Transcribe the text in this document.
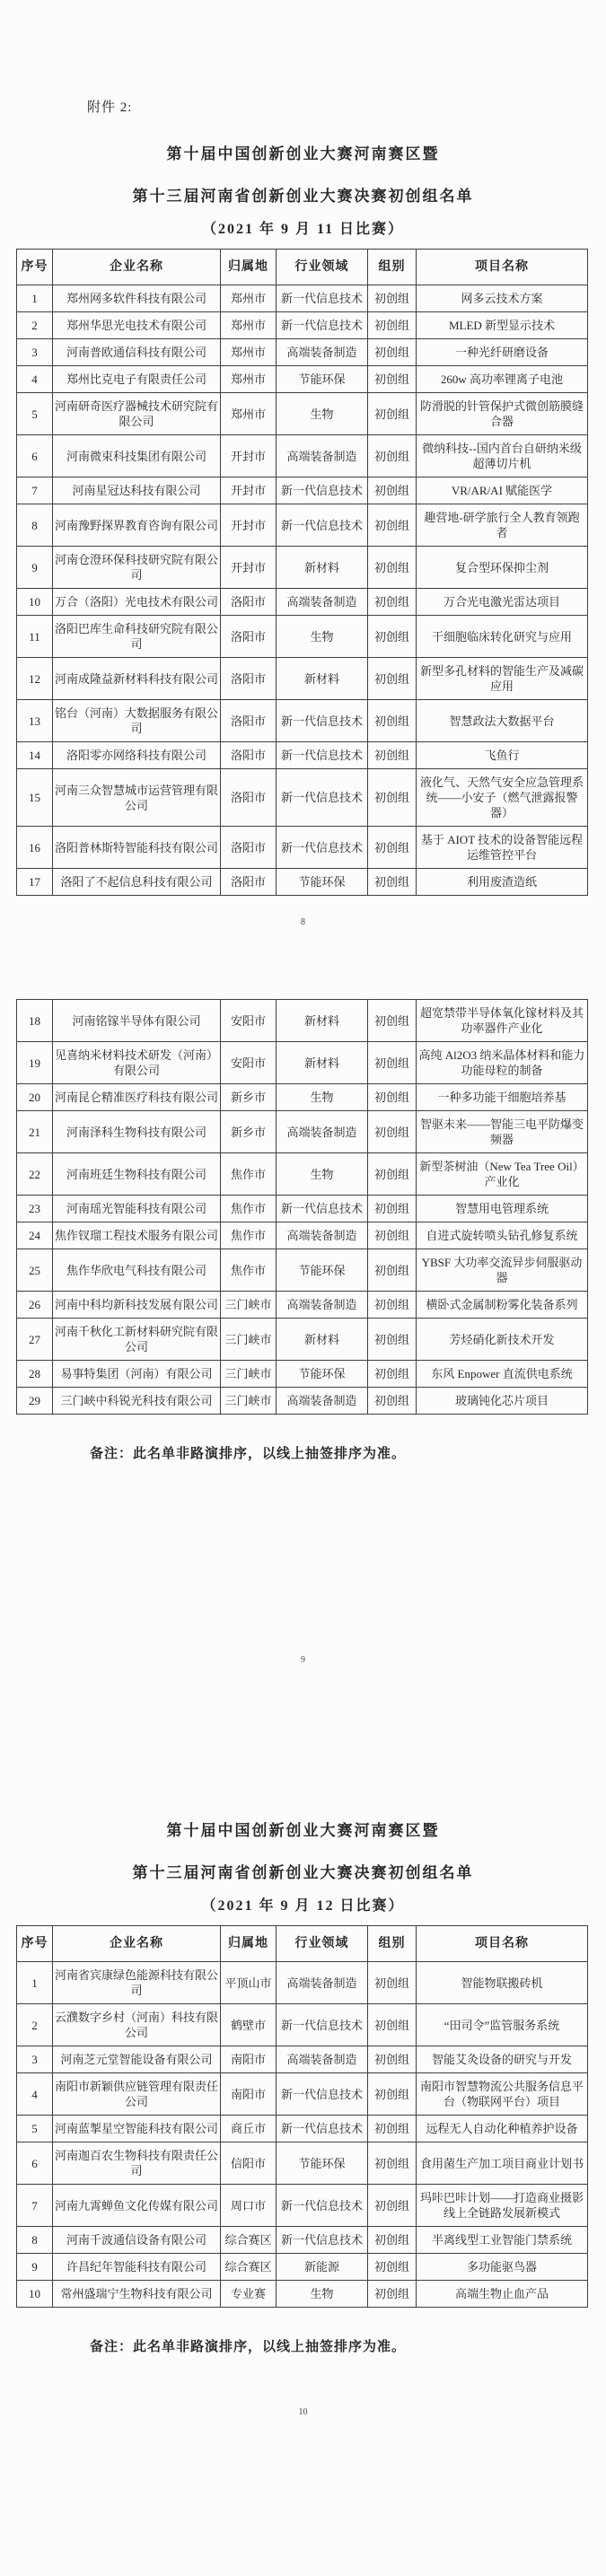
附件 2:
第十届中国创新创业大赛河南赛区暨
第十三届河南省创新创业大赛决赛初创组名单
（2021 年 9 月 11 日比赛）
序号	企业名称	归属地	行业领域	组别	项目名称
1	郑州网多软件科技有限公司	郑州市	新一代信息技术	初创组	网多云技术方案
2	郑州华思光电技术有限公司	郑州市	新一代信息技术	初创组	MLED 新型显示技术
3	河南普欧通信科技有限公司	郑州市	高端装备制造	初创组	一种光纤研磨设备
4	郑州比克电子有限责任公司	郑州市	节能环保	初创组	260w 高功率锂离子电池
5	河南研奇医疗器械技术研究院有限公司	郑州市	生物	初创组	防滑脱的针管保护式微创筋膜缝合器
6	河南微束科技集团有限公司	开封市	高端装备制造	初创组	微纳科技--国内首台自研纳米级超薄切片机
7	河南星冠达科技有限公司	开封市	新一代信息技术	初创组	VR/AR/AI 赋能医学
8	河南豫野探界教育咨询有限公司	开封市	新一代信息技术	初创组	趣营地-研学旅行全人教育领跑者
9	河南仓澄环保科技研究院有限公司	开封市	新材料	初创组	复合型环保抑尘剂
10	万合（洛阳）光电技术有限公司	洛阳市	高端装备制造	初创组	万合光电激光雷达项目
11	洛阳巴库生命科技研究院有限公司	洛阳市	生物	初创组	干细胞临床转化研究与应用
12	河南成隆益新材料科技有限公司	洛阳市	新材料	初创组	新型多孔材料的智能生产及减碳应用
13	铭台（河南）大数据服务有限公司	洛阳市	新一代信息技术	初创组	智慧政法大数据平台
14	洛阳零亦网络科技有限公司	洛阳市	新一代信息技术	初创组	飞鱼行
15	河南三众智慧城市运营管理有限公司	洛阳市	新一代信息技术	初创组	液化气、天然气安全应急管理系统——小安子（燃气泄露报警器）
16	洛阳普林斯特智能科技有限公司	洛阳市	新一代信息技术	初创组	基于 AIOT 技术的设备智能远程运维管控平台
17	洛阳了不起信息科技有限公司	洛阳市	节能环保	初创组	利用废渣造纸
8
18	河南铭镓半导体有限公司	安阳市	新材料	初创组	超宽禁带半导体氧化镓材料及其功率器件产业化
19	见喜纳米材料技术研发（河南）有限公司	安阳市	新材料	初创组	高纯 Al2O3 纳米晶体材料和能力功能母粒的制备
20	河南昆仑精准医疗科技有限公司	新乡市	生物	初创组	一种多功能干细胞培养基
21	河南泽科生物科技有限公司	新乡市	高端装备制造	初创组	智驱未来——智能三电平防爆变频器
22	河南班廷生物科技有限公司	焦作市	生物	初创组	新型茶树油（New Tea Tree Oil）产业化
23	河南瑶光智能科技有限公司	焦作市	新一代信息技术	初创组	智慧用电管理系统
24	焦作钗瑠工程技术服务有限公司	焦作市	高端装备制造	初创组	自进式旋转喷头钻孔修复系统
25	焦作华欣电气科技有限公司	焦作市	节能环保	初创组	YBSF 大功率交流异步伺服驱动器
26	河南中科均新科技发展有限公司	三门峡市	高端装备制造	初创组	横卧式金属制粉雾化装备系列
27	河南千秋化工新材料研究院有限公司	三门峡市	新材料	初创组	芳烃硝化新技术开发
28	易事特集团（河南）有限公司	三门峡市	节能环保	初创组	东风 Enpower 直流供电系统
29	三门峡中科锐光科技有限公司	三门峡市	高端装备制造	初创组	玻璃钝化芯片项目
备注：此名单非路演排序，以线上抽签排序为准。
9
第十届中国创新创业大赛河南赛区暨
第十三届河南省创新创业大赛决赛初创组名单
（2021 年 9 月 12 日比赛）
序号	企业名称	归属地	行业领域	组别	项目名称
1	河南省宾康绿色能源科技有限公司	平顶山市	高端装备制造	初创组	智能物联搬砖机
2	云濮数字乡村（河南）科技有限公司	鹤壁市	新一代信息技术	初创组	“田司令”监管服务系统
3	河南芝元堂智能设备有限公司	南阳市	高端装备制造	初创组	智能艾灸设备的研究与开发
4	南阳市新颖供应链管理有限责任公司	南阳市	新一代信息技术	初创组	南阳市智慧物流公共服务信息平台（物联网平台）项目
5	河南蓝掣星空智能科技有限公司	商丘市	新一代信息技术	初创组	远程无人自动化种植养护设备
6	河南迦百农生物科技有限责任公司	信阳市	节能环保	初创组	食用菌生产加工项目商业计划书
7	河南九霄蝉鱼文化传媒有限公司	周口市	新一代信息技术	初创组	玛咔巴咔计划——打造商业摄影线上全链路发展新模式
8	河南千波通信设备有限公司	综合赛区	新一代信息技术	初创组	半离线型工业智能门禁系统
9	许昌纪年智能科技有限公司	综合赛区	新能源	初创组	多功能驱鸟器
10	常州盛瑞宁生物科技有限公司	专业赛	生物	初创组	高端生物止血产品
备注：此名单非路演排序，以线上抽签排序为准。
10
